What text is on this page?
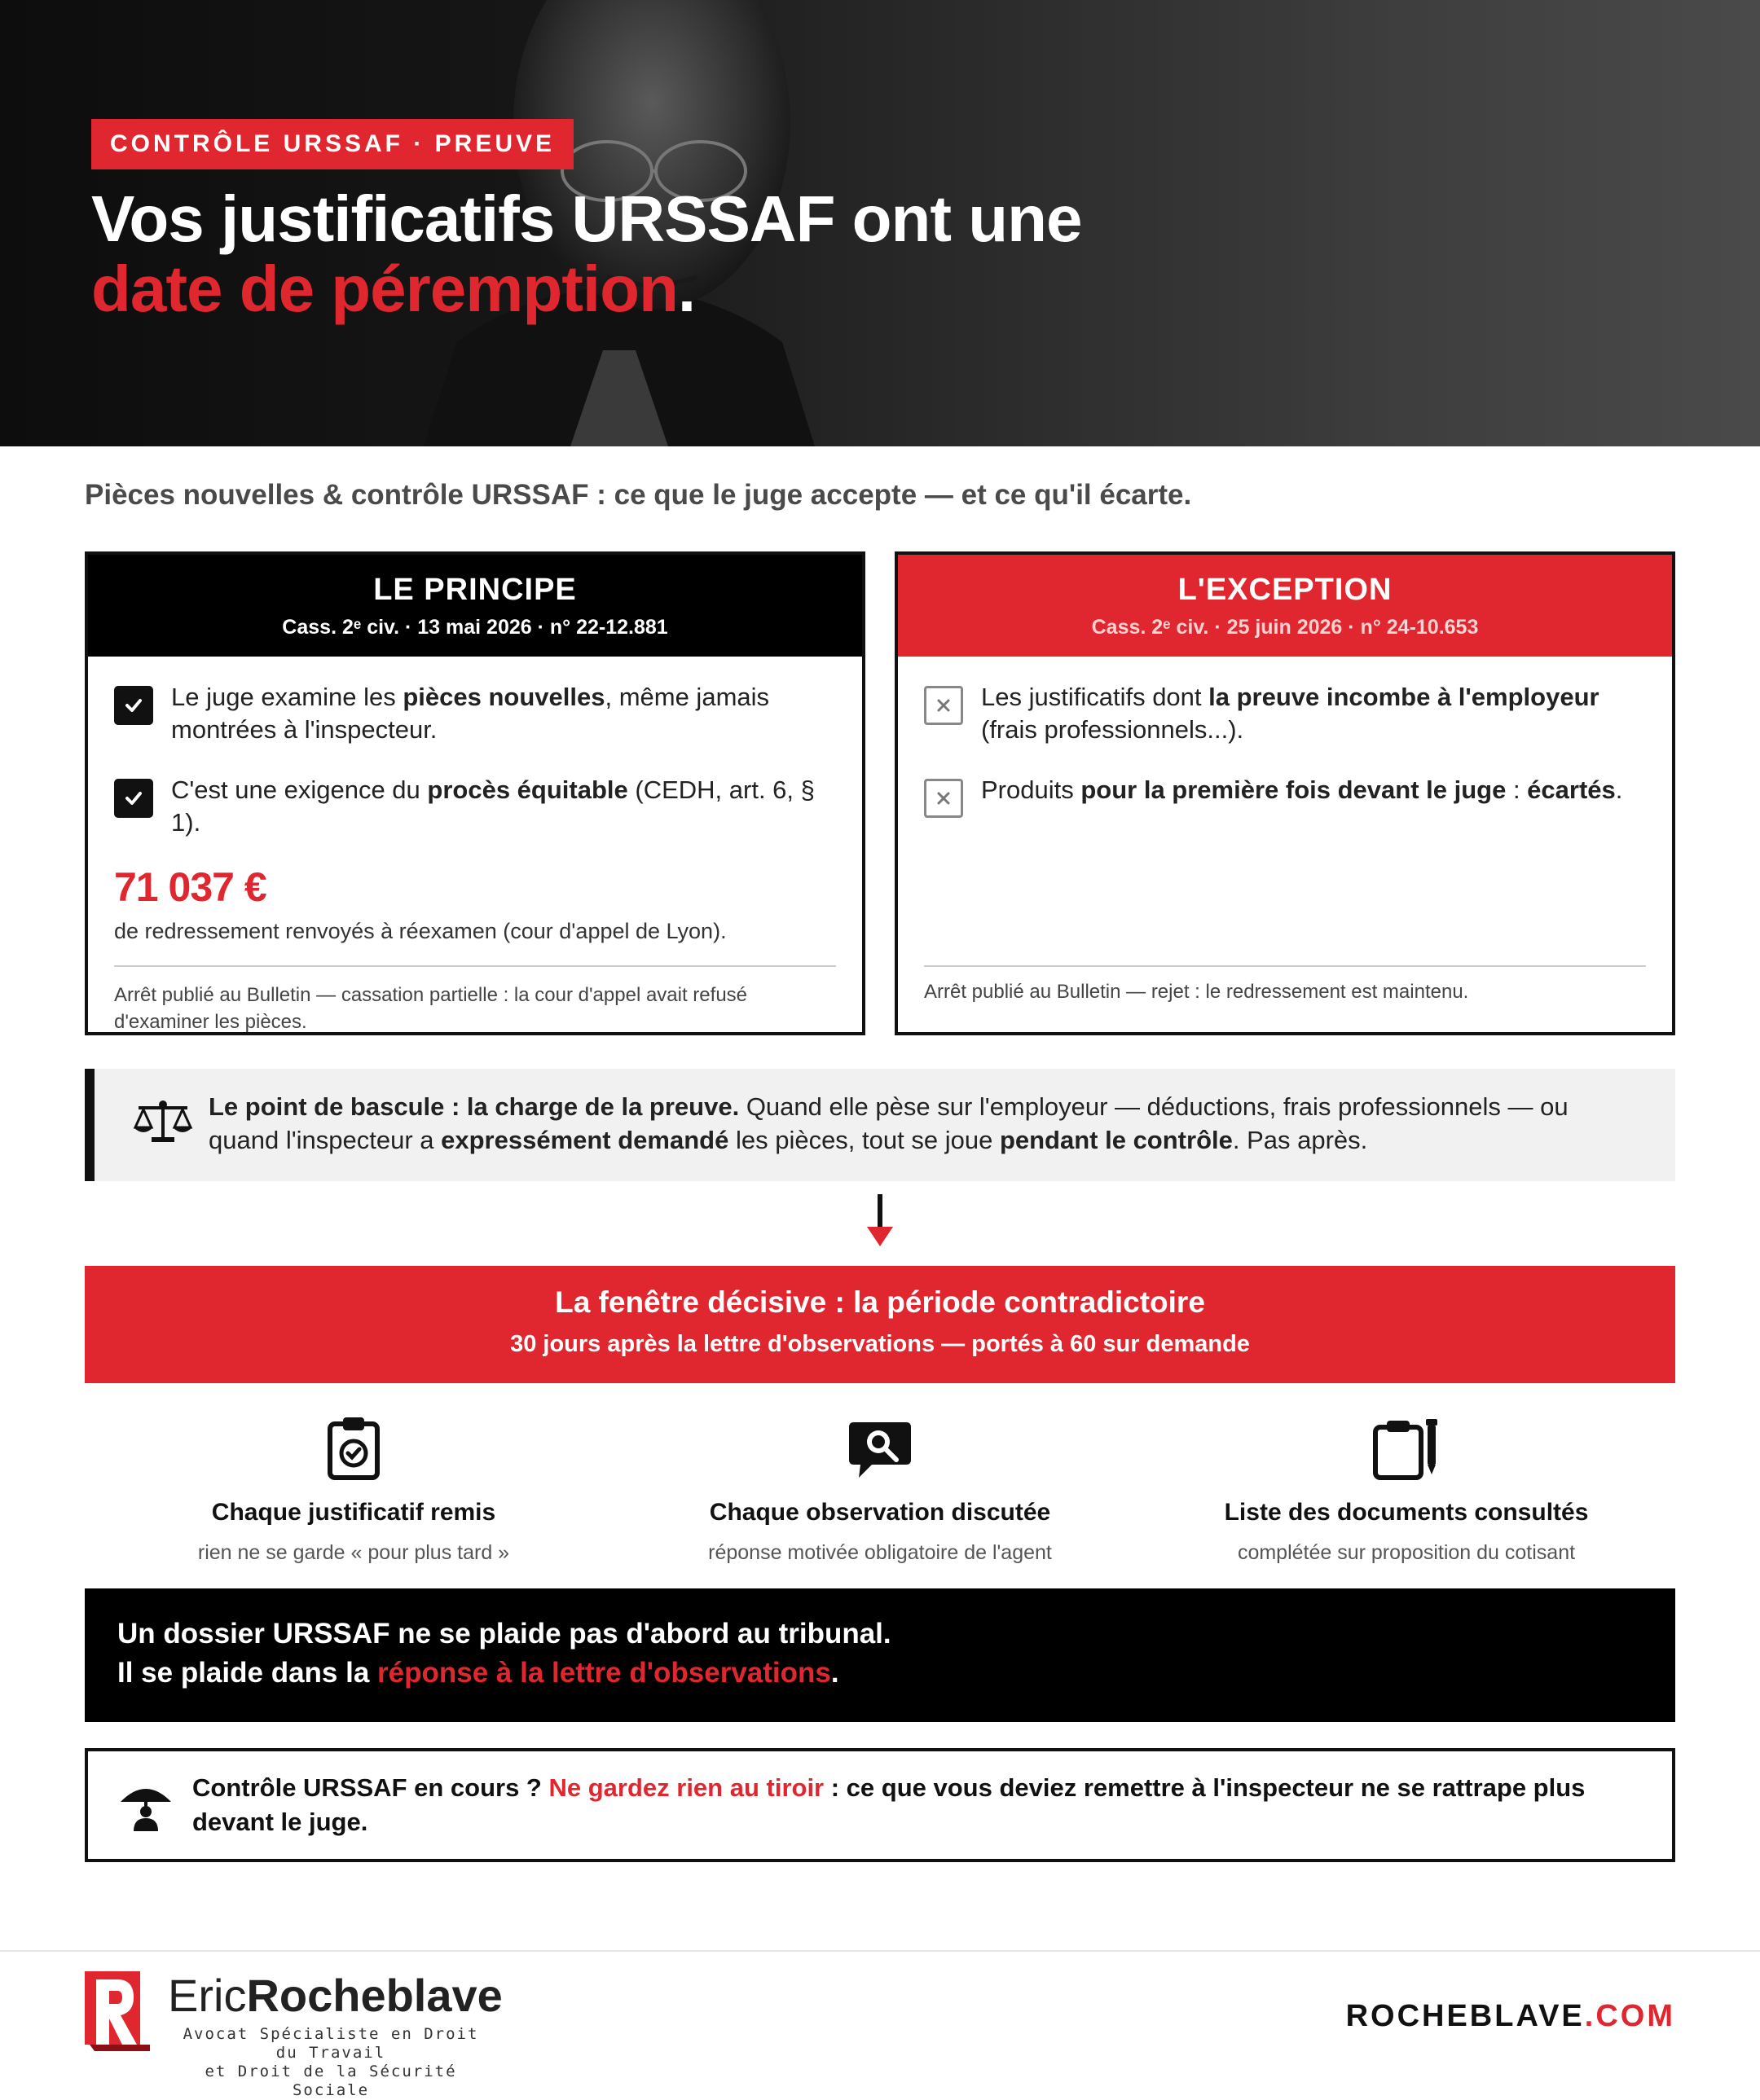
CONTRÔLE URSSAF · PREUVE
Vos justificatifs URSSAF ont une
date de péremption.
Pièces nouvelles & contrôle URSSAF : ce que le juge accepte — et ce qu'il écarte.
LE PRINCIPE
Cass. 2ᵉ civ. · 13 mai 2026 · n° 22-12.881
Le juge examine les pièces nouvelles, même jamais montrées à l'inspecteur.
C'est une exigence du procès équitable (CEDH, art. 6, § 1).
71 037 €
de redressement renvoyés à réexamen (cour d'appel de Lyon).
Arrêt publié au Bulletin — cassation partielle : la cour d'appel avait refusé d'examiner les pièces.
L'EXCEPTION
Cass. 2ᵉ civ. · 25 juin 2026 · n° 24-10.653
Les justificatifs dont la preuve incombe à l'employeur (frais professionnels...).
Produits pour la première fois devant le juge : écartés.
Arrêt publié au Bulletin — rejet : le redressement est maintenu.
Le point de bascule : la charge de la preuve. Quand elle pèse sur l'employeur — déductions, frais professionnels — ou quand l'inspecteur a expressément demandé les pièces, tout se joue pendant le contrôle. Pas après.
La fenêtre décisive : la période contradictoire
30 jours après la lettre d'observations — portés à 60 sur demande
Chaque justificatif remis
rien ne se garde « pour plus tard »
Chaque observation discutée
réponse motivée obligatoire de l'agent
Liste des documents consultés
complétée sur proposition du cotisant
Un dossier URSSAF ne se plaide pas d'abord au tribunal.
Il se plaide dans la réponse à la lettre d'observations.
Contrôle URSSAF en cours ? Ne gardez rien au tiroir : ce que vous deviez remettre à l'inspecteur ne se rattrape plus devant le juge.
EricRocheblave
Avocat Spécialiste en Droit du Travail
et Droit de la Sécurité Sociale
ROCHEBLAVE.COM
